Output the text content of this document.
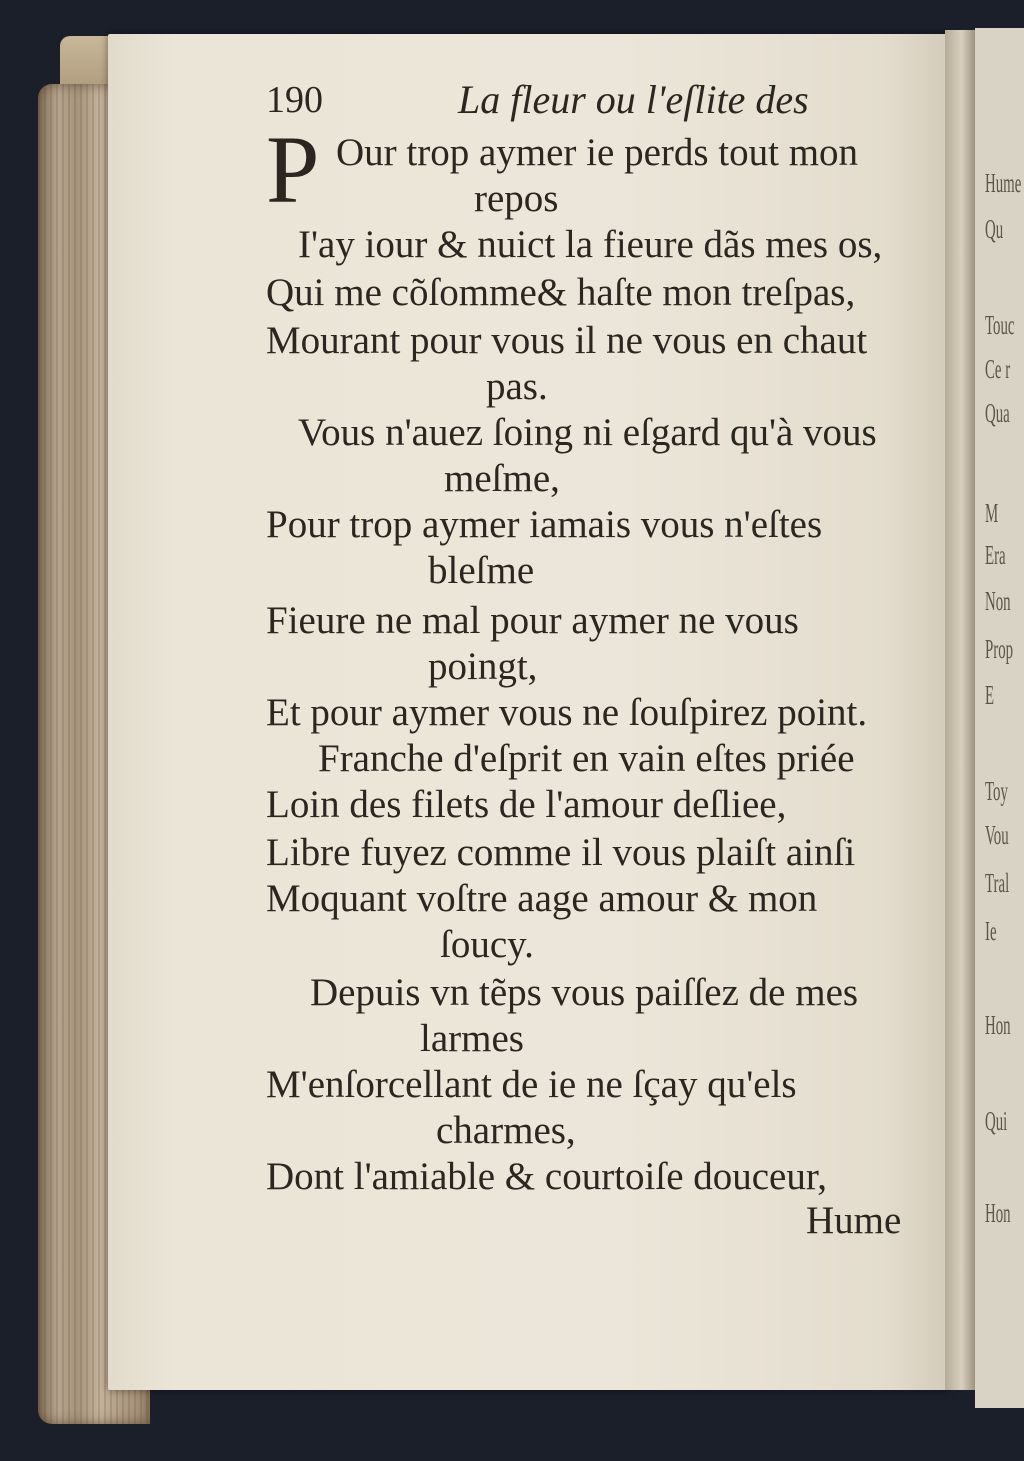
Hume
Qu
Touc
Ce r
Qua
M
Era
Non
Prop
E
Toy
Vou
Tral
Ie
Hon
Qui
Hon
190	La fleur ou l'eſlite des
P Our trop aymer ie perds tout mon
repos
I'ay iour & nuict la fieure dãs mes os,
Qui me cõſomme& haſte mon treſpas,
Mourant pour vous il ne vous en chaut
pas.
Vous n'auez ſoing ni eſgard qu'à vous
meſme,
Pour trop aymer iamais vous n'eſtes
bleſme
Fieure ne mal pour aymer ne vous
poingt,
Et pour aymer vous ne ſouſpirez point.
Franche d'eſprit en vain eſtes priée
Loin des filets de l'amour deſliee,
Libre fuyez comme il vous plaiſt ainſi
Moquant voſtre aage amour & mon
ſoucy.
Depuis vn tẽps vous paiſſez de mes
larmes
M'enſorcellant de ie ne ſçay qu'els
charmes,
Dont l'amiable & courtoiſe douceur,
Hume
